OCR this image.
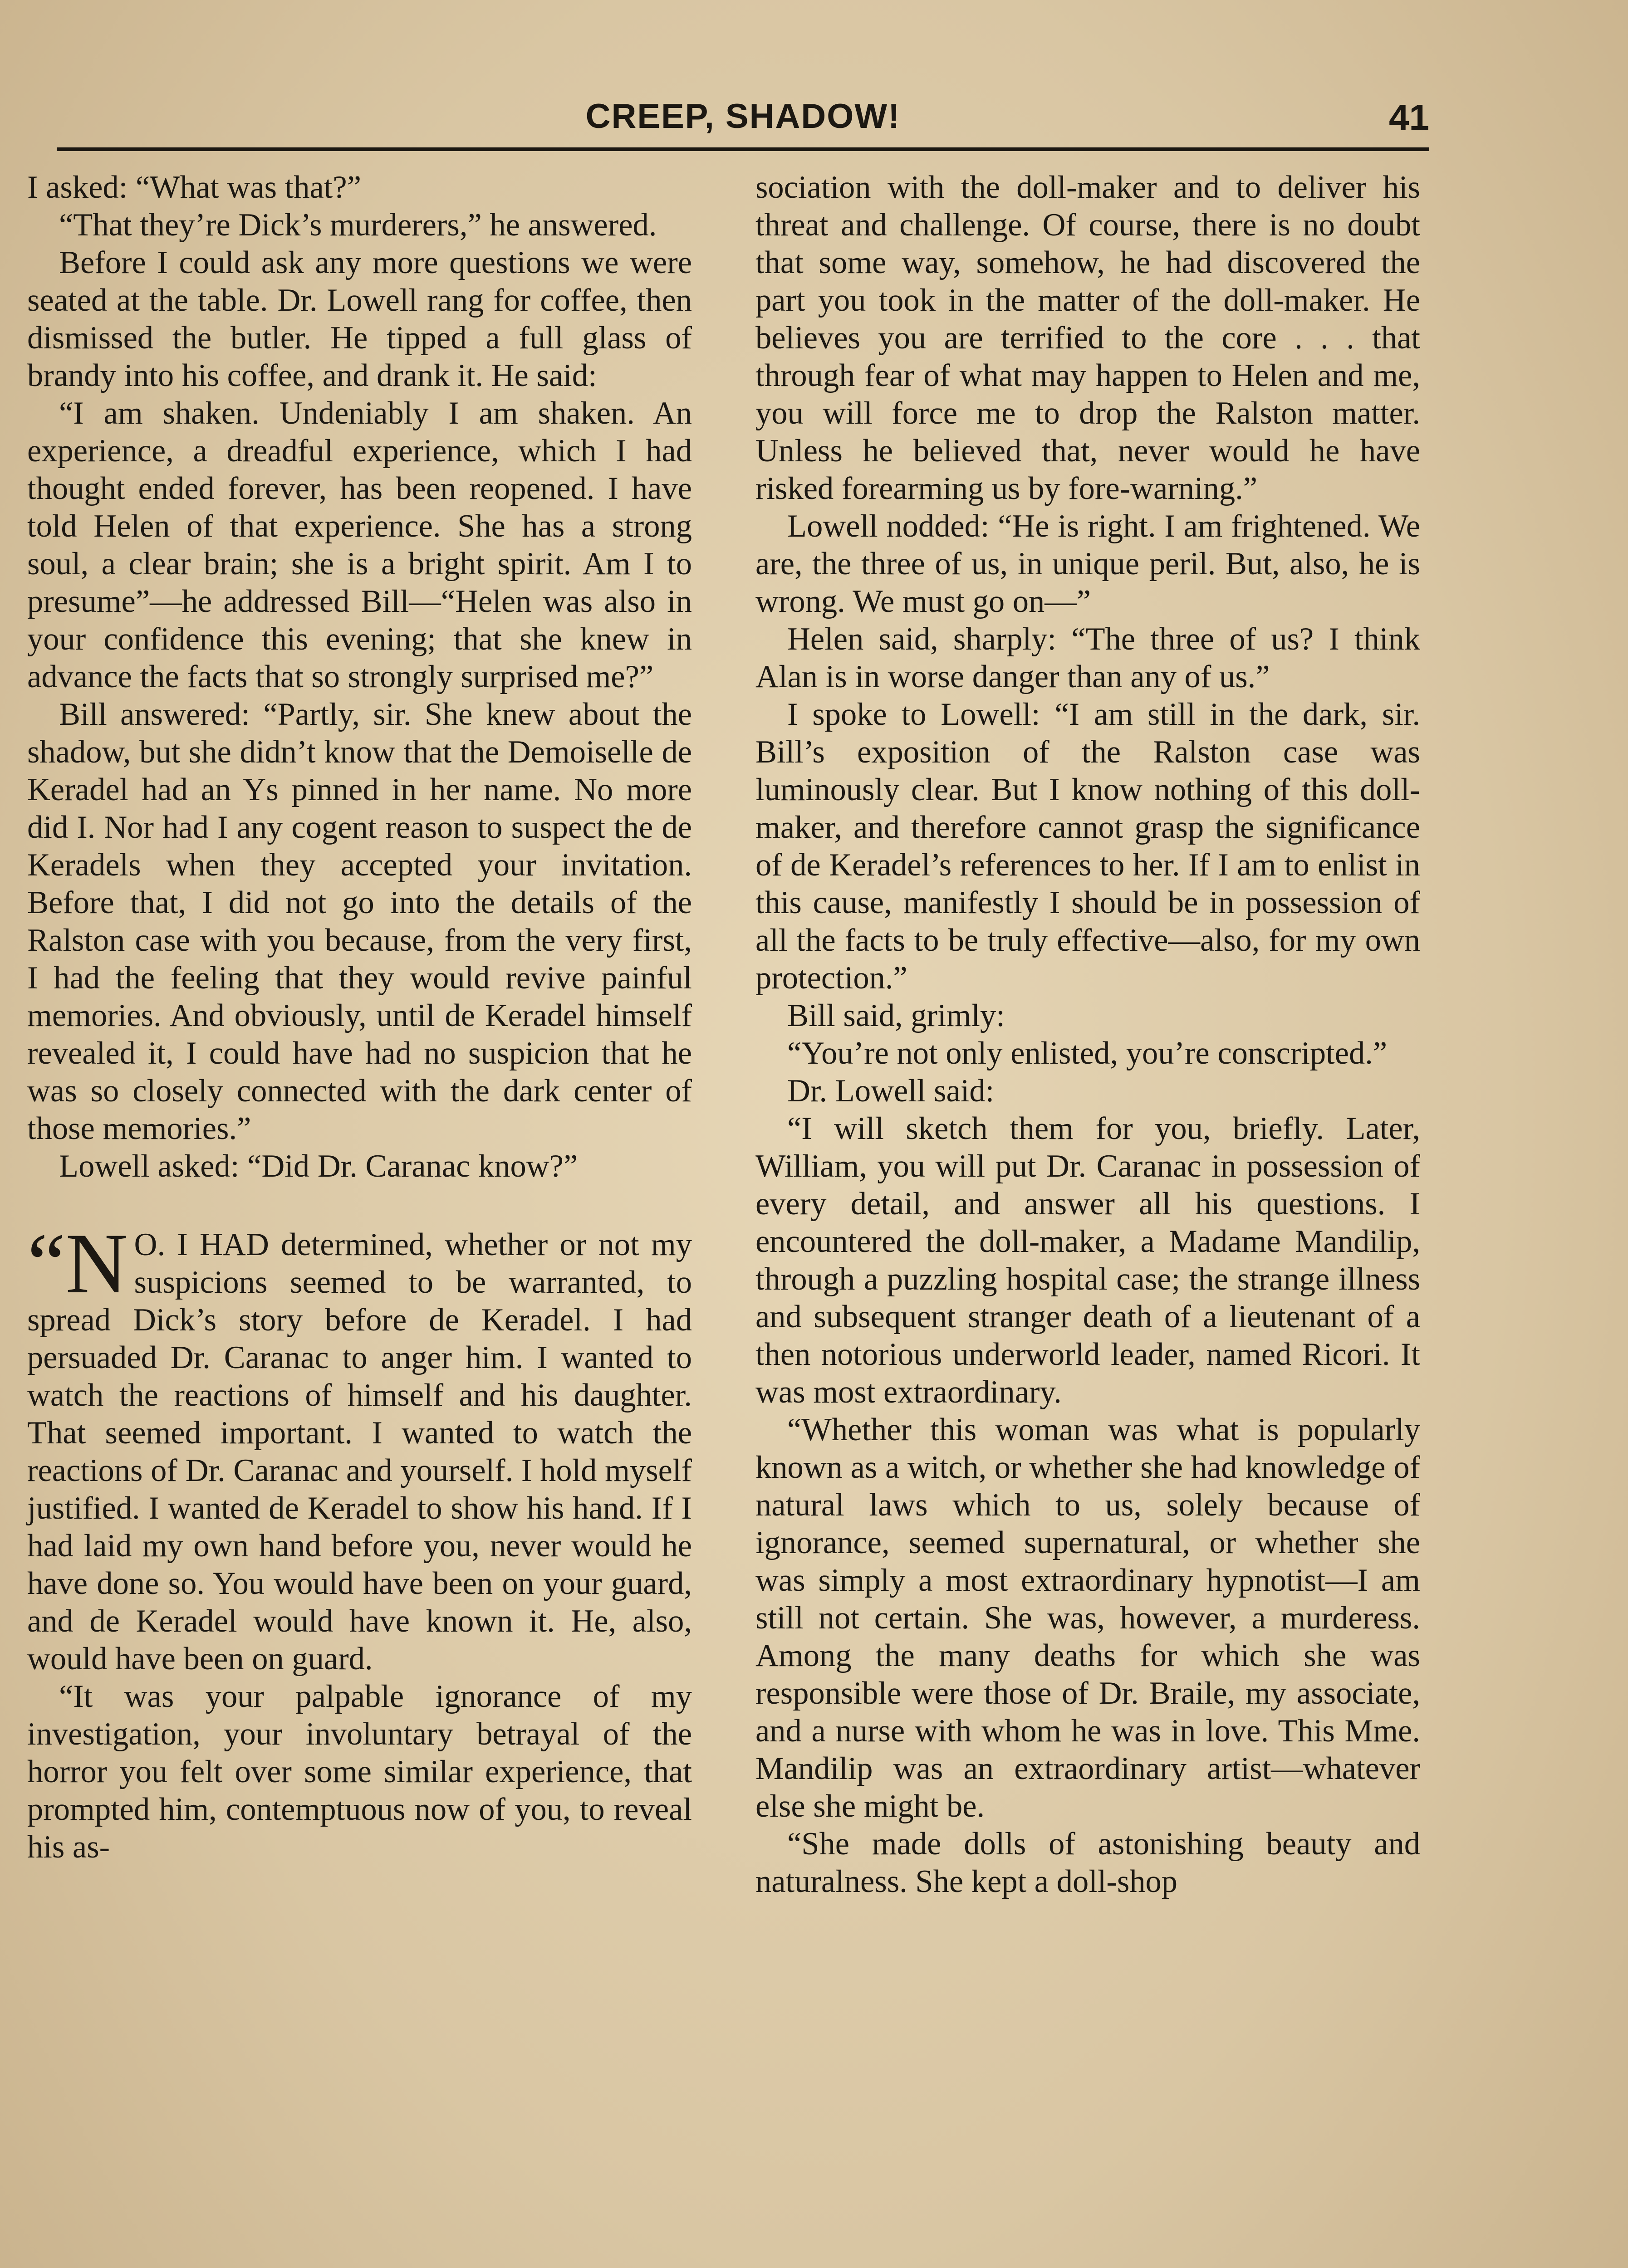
CREEP, SHADOW!	41

I asked: “What was that?”

“That they’re Dick’s murderers,” he answered.

Before I could ask any more questions we were seated at the table. Dr. Lowell rang for coffee, then dismissed the butler. He tipped a full glass of brandy into his coffee, and drank it. He said:

“I am shaken. Undeniably I am shaken. An experience, a dreadful experience, which I had thought ended forever, has been reopened. I have told Helen of that experience. She has a strong soul, a clear brain; she is a bright spirit. Am I to presume”—he addressed Bill—“Helen was also in your confidence this evening; that she knew in advance the facts that so strongly surprised me?”

Bill answered: “Partly, sir. She knew about the shadow, but she didn’t know that the Demoiselle de Keradel had an Ys pinned in her name. No more did I. Nor had I any cogent reason to suspect the de Keradels when they accepted your invitation. Before that, I did not go into the details of the Ralston case with you because, from the very first, I had the feeling that they would revive painful memories. And obviously, until de Keradel himself revealed it, I could have had no suspicion that he was so closely connected with the dark center of those memories.”

Lowell asked: “Did Dr. Caranac know?”

“N O. I HAD determined, whether or not my suspicions seemed to be warranted, to spread Dick’s story before de Keradel. I had persuaded Dr. Caranac to anger him. I wanted to watch the reactions of himself and his daughter. That seemed important. I wanted to watch the reactions of Dr. Caranac and yourself. I hold myself justified. I wanted de Keradel to show his hand. If I had laid my own hand before you, never would he have done so. You would have been on your guard, and de Keradel would have known it. He, also, would have been on guard.

“It was your palpable ignorance of my investigation, your involuntary betrayal of the horror you felt over some similar experience, that prompted him, contemptuous now of you, to reveal his as-

sociation with the doll-maker and to deliver his threat and challenge. Of course, there is no doubt that some way, somehow, he had discovered the part you took in the matter of the doll-maker. He believes you are terrified to the core . . . that through fear of what may happen to Helen and me, you will force me to drop the Ralston matter. Unless he believed that, never would he have risked forearming us by fore-warning.”

Lowell nodded: “He is right. I am frightened. We are, the three of us, in unique peril. But, also, he is wrong. We must go on—”

Helen said, sharply: “The three of us? I think Alan is in worse danger than any of us.”

I spoke to Lowell: “I am still in the dark, sir. Bill’s exposition of the Ralston case was luminously clear. But I know nothing of this doll-maker, and therefore cannot grasp the significance of de Keradel’s references to her. If I am to enlist in this cause, manifestly I should be in possession of all the facts to be truly effective—also, for my own protection.”

Bill said, grimly:

“You’re not only enlisted, you’re conscripted.”

Dr. Lowell said:

“I will sketch them for you, briefly. Later, William, you will put Dr. Caranac in possession of every detail, and answer all his questions. I encountered the doll-maker, a Madame Mandilip, through a puzzling hospital case; the strange illness and subsequent stranger death of a lieutenant of a then notorious underworld leader, named Ricori. It was most extraordinary.

“Whether this woman was what is popularly known as a witch, or whether she had knowledge of natural laws which to us, solely because of ignorance, seemed supernatural, or whether she was simply a most extraordinary hypnotist—I am still not certain. She was, however, a murderess. Among the many deaths for which she was responsible were those of Dr. Braile, my associate, and a nurse with whom he was in love. This Mme. Mandilip was an extraordinary artist—whatever else she might be.

“She made dolls of astonishing beauty and naturalness. She kept a doll-shop
